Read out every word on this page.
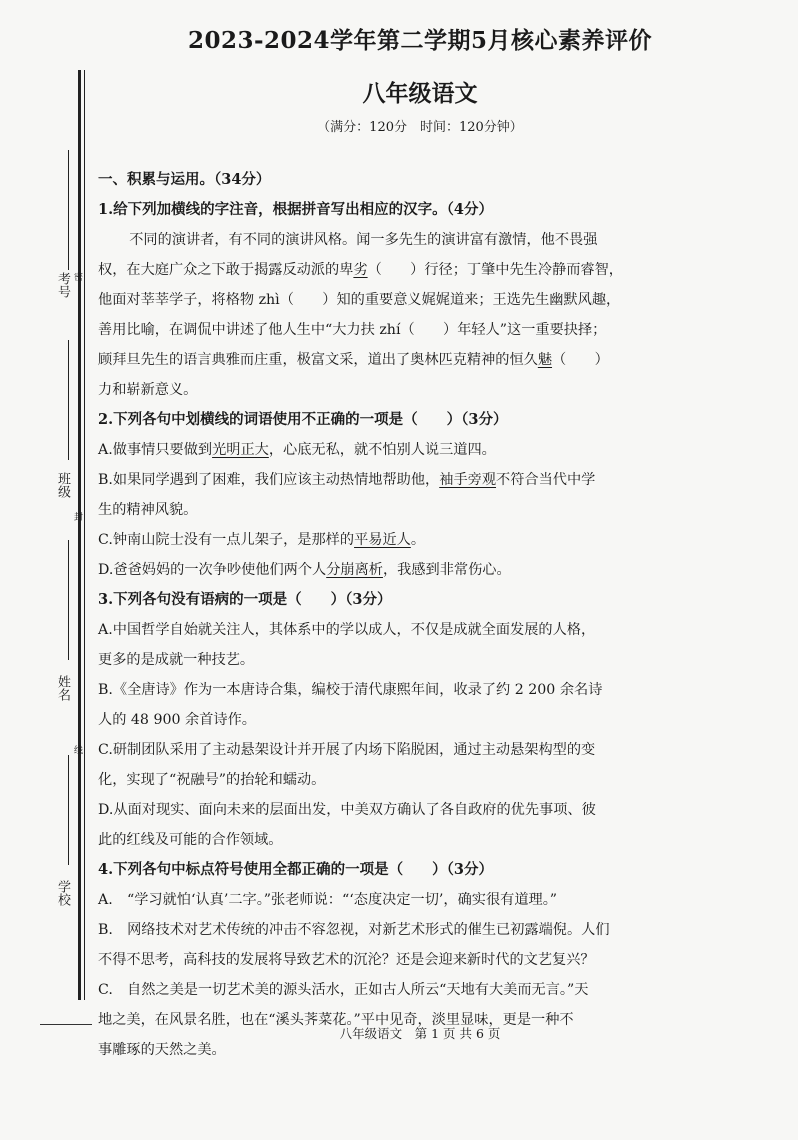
考号 密
班级
封
姓名
线
学校
2023-2024学年第二学期5月核心素养评价
八年级语文
（满分：120分　时间：120分钟）

一、积累与运用。（34分）

1.给下列加横线的字注音，根据拼音写出相应的汉字。（4分）

不同的演讲者，有不同的演讲风格。闻一多先生的演讲富有激情，他不畏强

权，在大庭广众之下敢于揭露反动派的卑劣（　　）行径；丁肇中先生冷静而睿智，

他面对莘莘学子，将格物 zhì（　　）知的重要意义娓娓道来；王选先生幽默风趣，

善用比喻，在调侃中讲述了他人生中“大力扶 zhí（　　）年轻人”这一重要抉择；

顾拜旦先生的语言典雅而庄重，极富文采，道出了奥林匹克精神的恒久魅（　　）

力和崭新意义。

2.下列各句中划横线的词语使用不正确的一项是（　　）（3分）

A.做事情只要做到光明正大，心底无私，就不怕别人说三道四。

B.如果同学遇到了困难，我们应该主动热情地帮助他，袖手旁观不符合当代中学

生的精神风貌。

C.钟南山院士没有一点儿架子，是那样的平易近人。

D.爸爸妈妈的一次争吵使他们两个人分崩离析，我感到非常伤心。

3.下列各句没有语病的一项是（　　）（3分）

A.中国哲学自始就关注人，其体系中的学以成人，不仅是成就全面发展的人格，

更多的是成就一种技艺。

B.《全唐诗》作为一本唐诗合集，编校于清代康熙年间，收录了约 2 200 余名诗

人的 48 900 余首诗作。

C.研制团队采用了主动悬架设计并开展了内场下陷脱困，通过主动悬架构型的变

化，实现了“祝融号”的抬轮和蠕动。

D.从面对现实、面向未来的层面出发，中美双方确认了各自政府的优先事项、彼

此的红线及可能的合作领域。

4.下列各句中标点符号使用全都正确的一项是（　　）（3分）

A.　“学习就怕‘认真’二字。”张老师说：“‘态度决定一切’，确实很有道理。”

B.　网络技术对艺术传统的冲击不容忽视，对新艺术形式的催生已初露端倪。人们

不得不思考，高科技的发展将导致艺术的沉沦？还是会迎来新时代的文艺复兴？

C.　自然之美是一切艺术美的源头活水，正如古人所云“天地有大美而无言。”天

地之美，在风景名胜，也在“溪头荠菜花。”平中见奇，淡里显味，更是一种不

事雕琢的天然之美。

八年级语文　第 1 页 共 6 页
